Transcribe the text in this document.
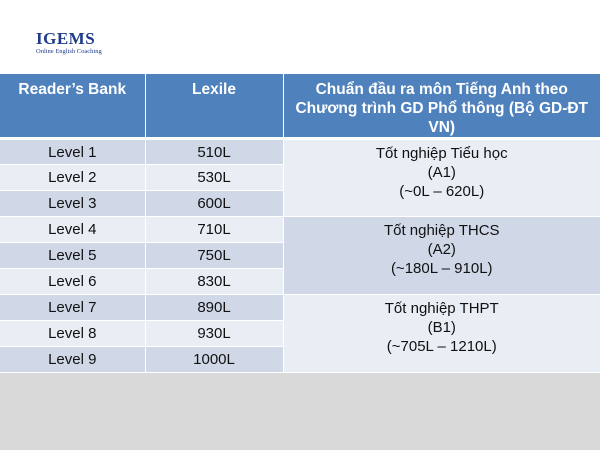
IGEMS
Online English Coaching
Reader’s Bank	Lexile	Chuẩn đầu ra môn Tiếng Anh theo Chương trình GD Phổ thông (Bộ GD-ĐT VN)
Level 1	510L	Tốt nghiệp Tiểu học
(A1)
(~0L – 620L)

Level 2	530L	
Level 3	600L	
Level 4	710L	Tốt nghiệp THCS
(A2)
(~180L – 910L)

Level 5	750L	
Level 6	830L	
Level 7	890L	Tốt nghiệp THPT
(B1)
(~705L – 1210L)

Level 8	930L	
Level 9	1000L	
